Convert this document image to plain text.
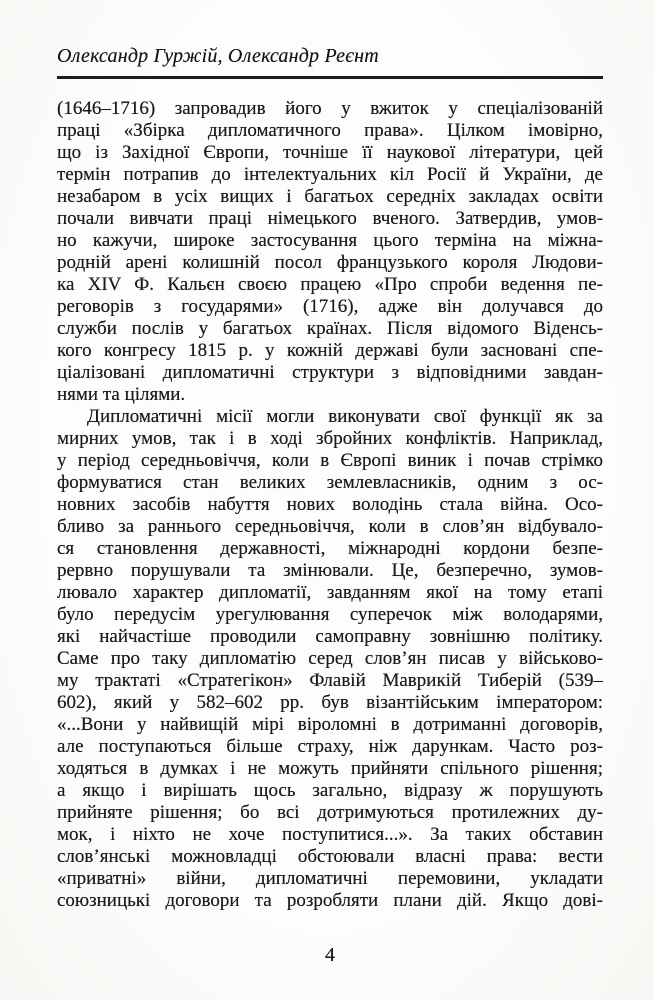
Олександр Гуржій, Олександр Реєнт
(1646–1716) запровадив його у вжиток у спеціалізованій
праці «Збірка дипломатичного права». Цілком імовірно,
що із Західної Європи, точніше її наукової літератури, цей
термін потрапив до інтелектуальних кіл Росії й України, де
незабаром в усіх вищих і багатьох середніх закладах освіти
почали вивчати праці німецького вченого. Затвердив, умов-
но кажучи, широке застосування цього терміна на міжна-
родній арені колишній посол французького короля Людови-
ка XIV Ф. Кальєн своєю працею «Про спроби ведення пе-
реговорів з государями» (1716), адже він долучався до
служби послів у багатьох країнах. Після відомого Віденсь-
кого конгресу 1815 р. у кожній державі були засновані спе-
ціалізовані дипломатичні структури з відповідними завдан-
нями та цілями.
Дипломатичні місії могли виконувати свої функції як за
мирних умов, так і в ході збройних конфліктів. Наприклад,
у період середньовіччя, коли в Європі виник і почав стрімко
формуватися стан великих землевласників, одним з ос-
новних засобів набуття нових володінь стала війна. Осо-
бливо за раннього середньовіччя, коли в слов’ян відбувало-
ся становлення державності, міжнародні кордони безпе-
рервно порушували та змінювали. Це, безперечно, зумов-
лювало характер дипломатії, завданням якої на тому етапі
було передусім урегулювання суперечок між володарями,
які найчастіше проводили самоправну зовнішню політику.
Саме про таку дипломатію серед слов’ян писав у військово-
му трактаті «Стратегікон» Флавій Маврикій Тиберій (539–
602), який у 582–602 рр. був візантійським імператором:
«...Вони у найвищій мірі віроломні в дотриманні договорів,
але поступаються більше страху, ніж дарункам. Часто роз-
ходяться в думках і не можуть прийняти спільного рішення;
а якщо і вирішать щось загально, відразу ж порушують
прийняте рішення; бо всі дотримуються протилежних ду-
мок, і ніхто не хоче поступитися...». За таких обставин
слов’янські можновладці обстоювали власні права: вести
«приватні» війни, дипломатичні перемовини, укладати
союзницькі договори та розробляти плани дій. Якщо дові-
4
